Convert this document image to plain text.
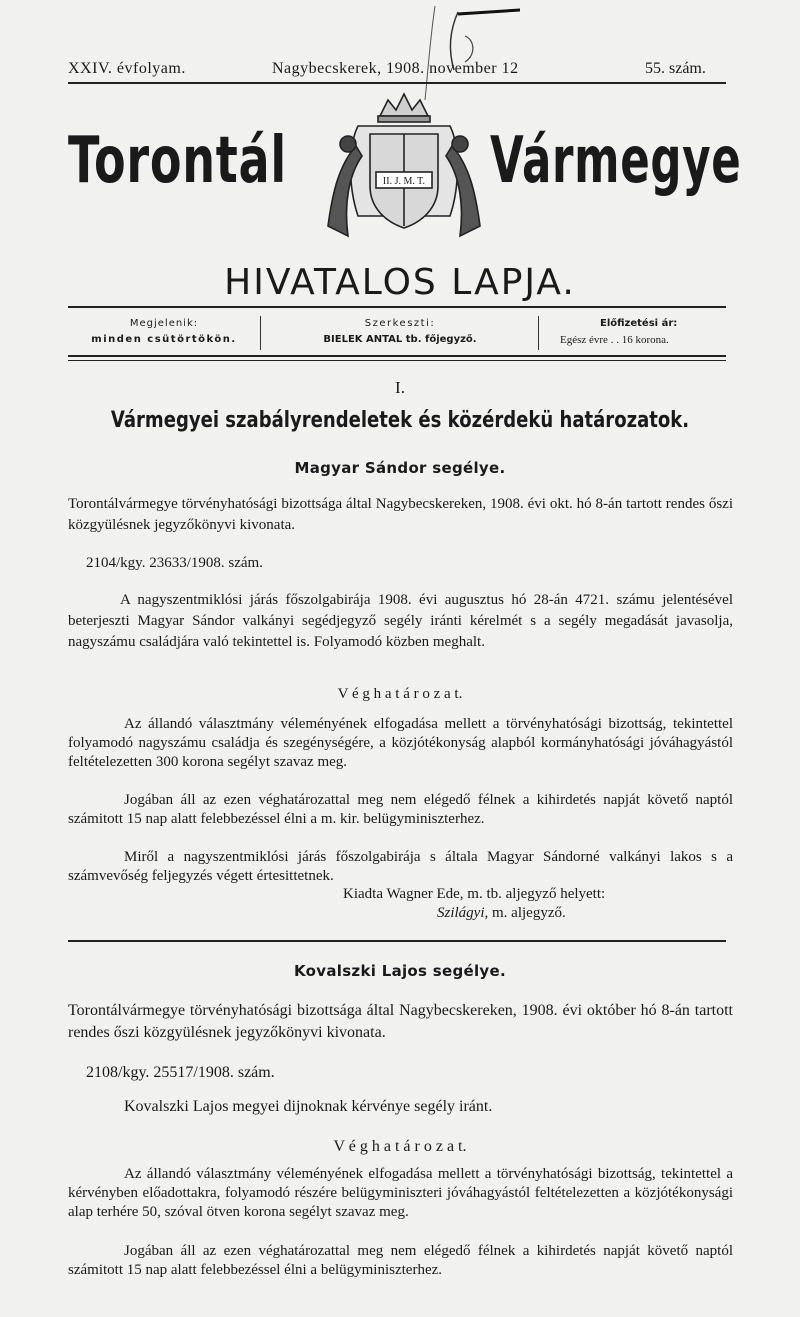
XXIV. évfolyam.	Nagybecskerek, 1908. november 12	55. szám.
Torontál	Vármegye
II. J. M. T.
HIVATALOS LAPJA.
Megjelenik:
minden csütörtökön.
Szerkeszti:
BIELEK ANTAL tb. főjegyző.
Előfizetési ár:
Egész évre . . 16 korona.
I.
Vármegyei szabályrendeletek és közérdekü határozatok.
Magyar Sándor segélye.

Torontálvármegye törvényhatósági bizottsága által Nagybecskereken, 1908. évi okt. hó 8-án tartott rendes őszi közgyülésnek jegyzőkönyvi kivonata.

2104/kgy. 23633/1908. szám.

A nagyszentmiklósi járás főszolgabirája 1908. évi augusztus hó 28-án 4721. számu jelentésével beterjeszti Magyar Sándor valkányi segédjegyző segély iránti kérelmét s a segély megadását javasolja, nagyszámu családjára való tekintettel is. Folyamodó közben meghalt.

V é g h a t á r o z a t.

Az állandó választmány véleményének elfogadása mellett a törvényhatósági bizottság, tekintettel folyamodó nagyszámu családja és szegénységére, a közjótékonyság alapból kormányhatósági jóváhagyástól feltételezetten 300 korona segélyt szavaz meg.

Jogában áll az ezen véghatározattal meg nem elégedő félnek a kihirdetés napját követő naptól számitott 15 nap alatt felebbezéssel élni a m. kir. belügyminiszterhez.

Miről a nagyszentmiklósi járás főszolgabirája s általa Magyar Sándorné valkányi lakos s a számvevőség feljegyzés végett értesittetnek.

Kiadta Wagner Ede, m. tb. aljegyző helyett:
Szilágyi, m. aljegyző.
Kovalszki Lajos segélye.

Torontálvármegye törvényhatósági bizottsága által Nagybecskereken, 1908. évi október hó 8-án tartott rendes őszi közgyülésnek jegyzőkönyvi kivonata.

2108/kgy. 25517/1908. szám.

Kovalszki Lajos megyei dijnoknak kérvénye segély iránt.

V é g h a t á r o z a t.

Az állandó választmány véleményének elfogadása mellett a törvényhatósági bizottság, tekintettel a kérvényben előadottakra, folyamodó részére belügyminiszteri jóváhagyástól feltételezetten a közjótékonysági alap terhére 50, szóval ötven korona segélyt szavaz meg.

Jogában áll az ezen véghatározattal meg nem elégedő félnek a kihirdetés napját követő naptól számitott 15 nap alatt felebbezéssel élni a belügyminiszterhez.
